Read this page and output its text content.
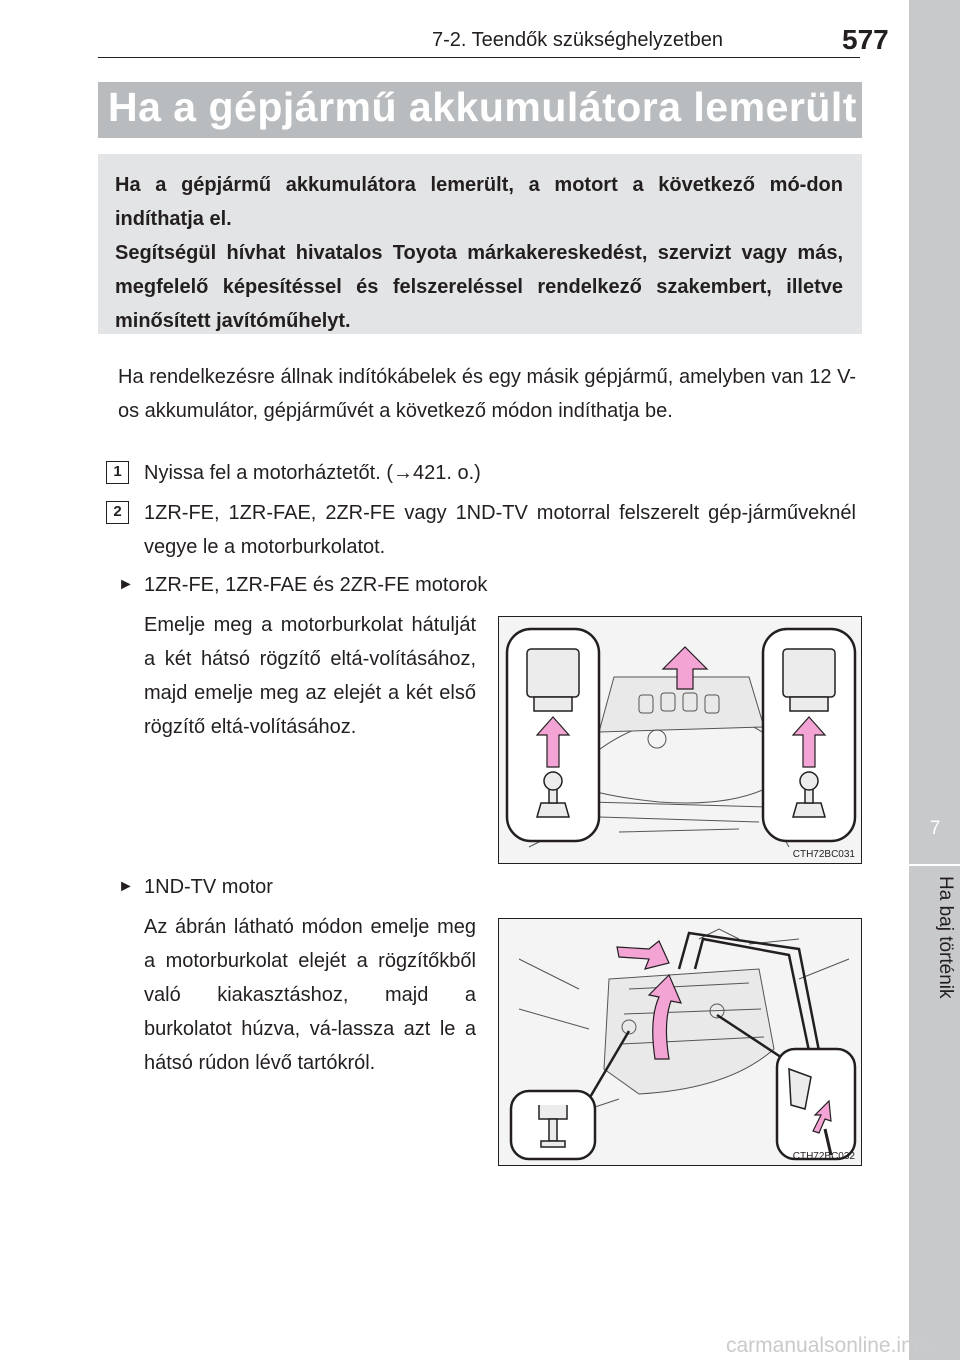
7
Ha baj történik
7-2. Teendők szükséghelyzetben	577
Ha a gépjármű akkumulátora lemerült

Ha a gépjármű akkumulátora lemerült, a motort a következő mó-don indíthatja el.

Segítségül hívhat hivatalos Toyota márkakereskedést, szervizt vagy más, megfelelő képesítéssel és felszereléssel rendelkező szakembert, illetve minősített javítóműhelyt.

Ha rendelkezésre állnak indítókábelek és egy másik gépjármű, amelyben van 12 V-os akkumulátor, gépjárművét a következő módon indíthatja be.

1	Nyissa fel a motorháztetőt. (→421. o.)

2	1ZR-FE, 1ZR-FAE, 2ZR-FE vagy 1ND-TV motorral felszerelt gép-járműveknél vegye le a motorburkolatot.

► 1ZR-FE, 1ZR-FAE és 2ZR-FE motorok

Emelje meg a motorburkolat hátulját a két hátsó rögzítő eltá-volításához, majd emelje meg az elejét a két első rögzítő eltá-volításához.

CTH72BC031
► 1ND-TV motor

Az ábrán látható módon emelje meg a motorburkolat elejét a rögzítőkből való kiakasztáshoz, majd a burkolatot húzva, vá-lassza azt le a hátsó rúdon lévő tartókról.

CTH72BC032
carmanualsonline.info
